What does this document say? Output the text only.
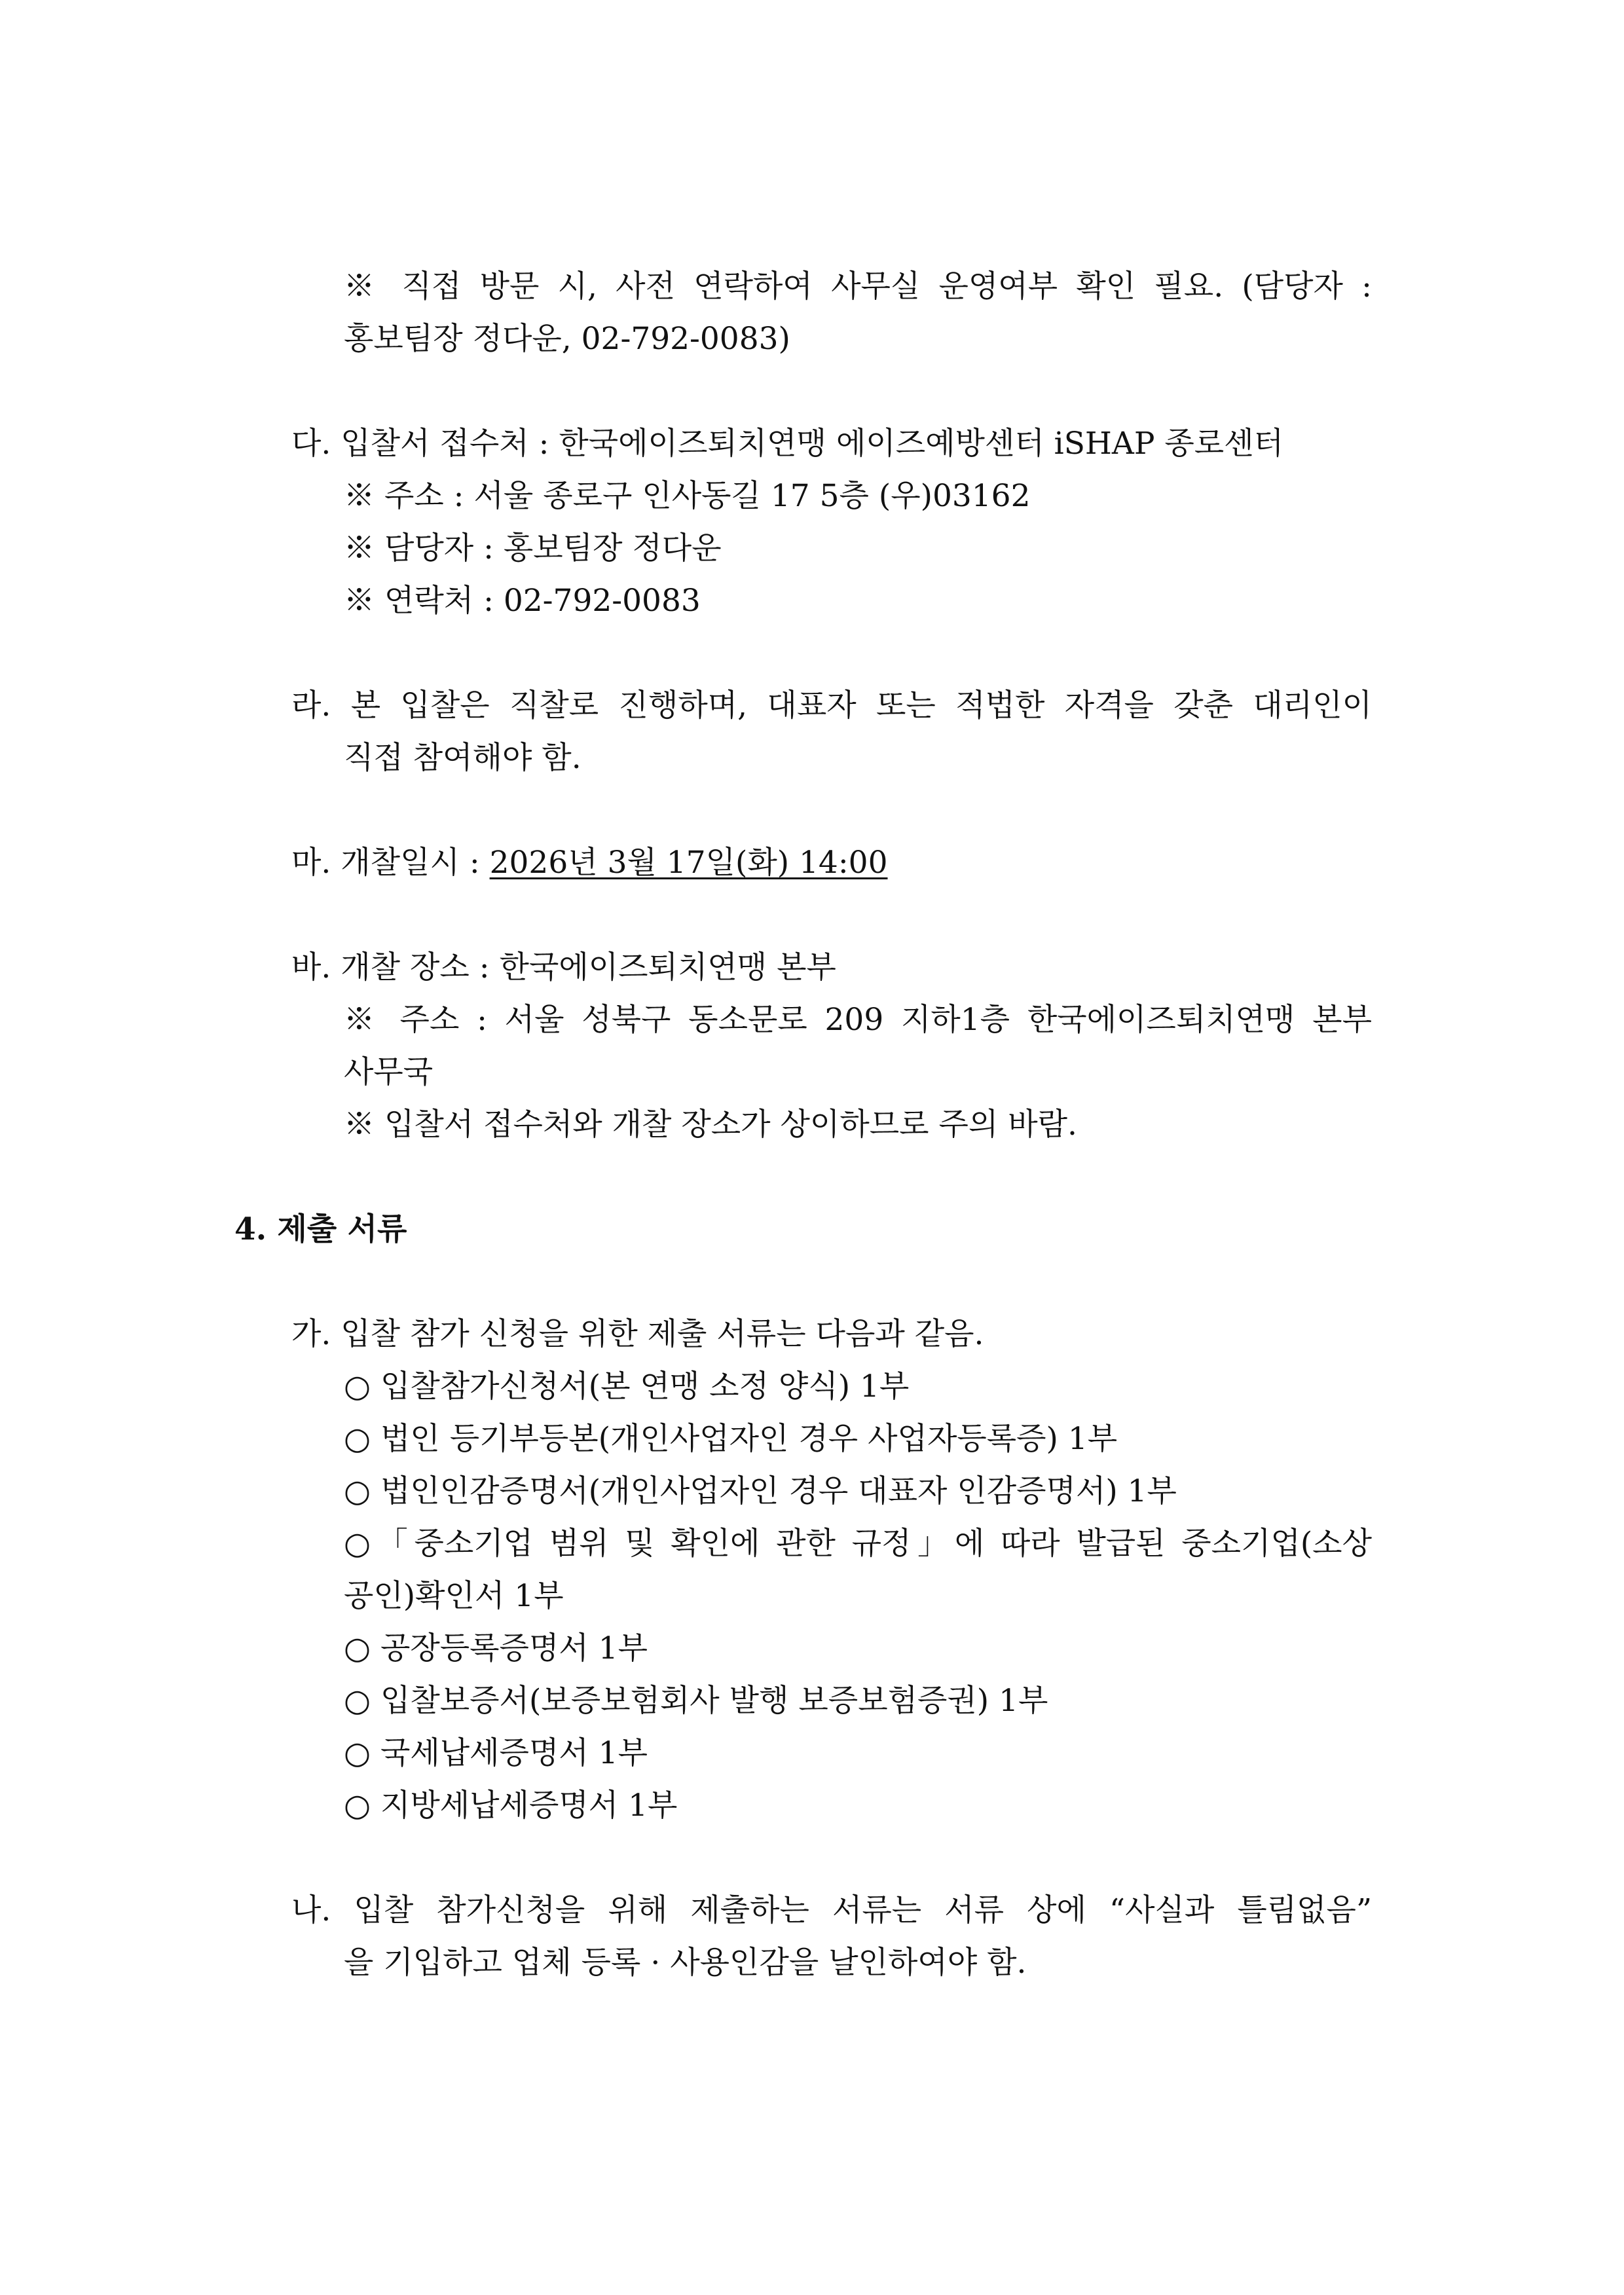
※ 직접 방문 시, 사전 연락하여 사무실 운영여부 확인 필요. (담당자 :
홍보팀장 정다운, 02-792-0083)
다. 입찰서 접수처 : 한국에이즈퇴치연맹 에이즈예방센터 iSHAP 종로센터
※ 주소 : 서울 종로구 인사동길 17 5층 (우)03162
※ 담당자 : 홍보팀장 정다운
※ 연락처 : 02-792-0083
라. 본 입찰은 직찰로 진행하며, 대표자 또는 적법한 자격을 갖춘 대리인이
직접 참여해야 함.
마. 개찰일시 : 2026년 3월 17일(화) 14:00
바. 개찰 장소 : 한국에이즈퇴치연맹 본부
※ 주소 : 서울 성북구 동소문로 209 지하1층 한국에이즈퇴치연맹 본부
사무국
※ 입찰서 접수처와 개찰 장소가 상이하므로 주의 바람.
4. 제출 서류
가. 입찰 참가 신청을 위한 제출 서류는 다음과 같음.
○ 입찰참가신청서(본 연맹 소정 양식) 1부
○ 법인 등기부등본(개인사업자인 경우 사업자등록증) 1부
○ 법인인감증명서(개인사업자인 경우 대표자 인감증명서) 1부
○「중소기업 범위 및 확인에 관한 규정」에 따라 발급된 중소기업(소상
공인)확인서 1부
○ 공장등록증명서 1부
○ 입찰보증서(보증보험회사 발행 보증보험증권) 1부
○ 국세납세증명서 1부
○ 지방세납세증명서 1부
나. 입찰 참가신청을 위해 제출하는 서류는 서류 상에 “사실과 틀림없음”
을 기입하고 업체 등록 · 사용인감을 날인하여야 함.
